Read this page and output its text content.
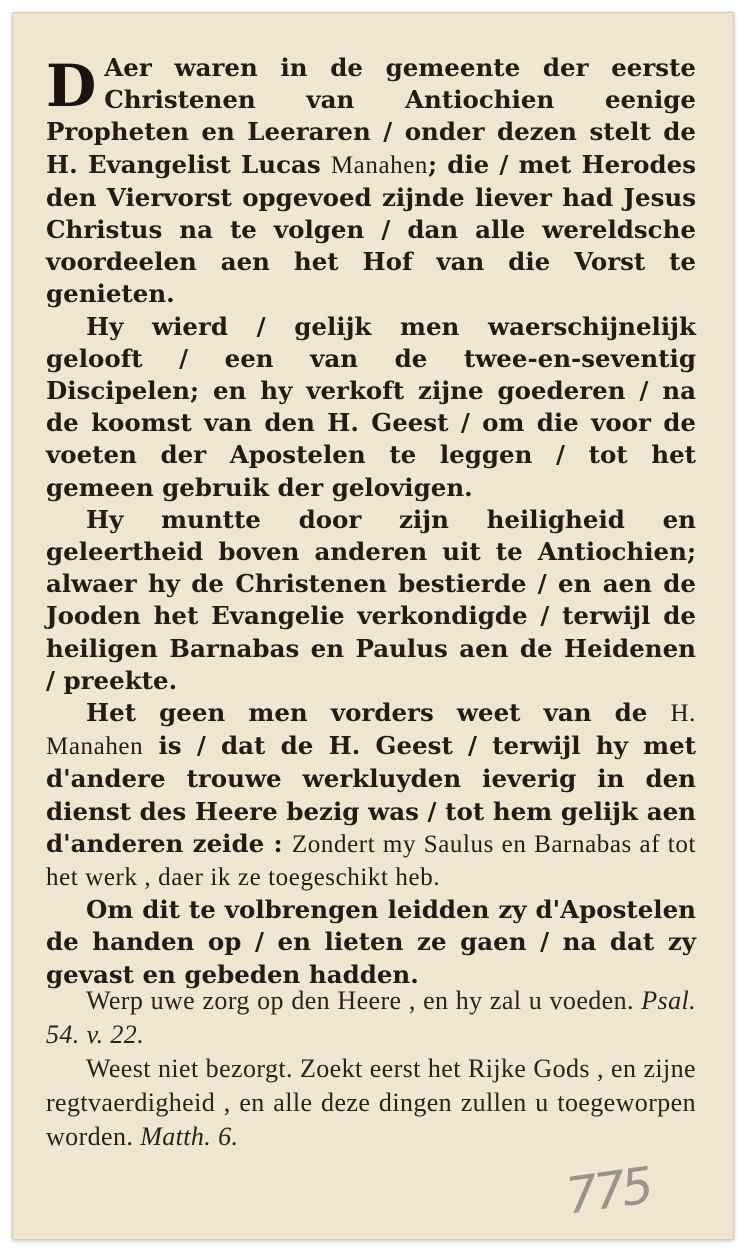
D Aer waren in de gemeente der eerste Christenen van Antiochien eenige Propheten en Leeraren / onder dezen stelt de H. Evangelist Lucas Manahen; die / met Herodes den Viervorst opgevoed zijnde liever had Jesus Christus na te volgen / dan alle wereldsche voordeelen aen het Hof van die Vorst te genieten.

Hy wierd / gelijk men waerschijnelijk gelooft / een van de twee-en-seventig Discipelen; en hy verkoft zijne goederen / na de koomst van den H. Geest / om die voor de voeten der Apostelen te leggen / tot het gemeen gebruik der gelovigen.

Hy muntte door zijn heiligheid en geleertheid boven anderen uit te Antiochien; alwaer hy de Christenen bestierde / en aen de Jooden het Evangelie verkondigde / terwijl de heiligen Barnabas en Paulus aen de Heidenen / preekte.

Het geen men vorders weet van de H. Manahen is / dat de H. Geest / terwijl hy met d'andere trouwe werkluyden ieverig in den dienst des Heere bezig was / tot hem gelijk aen d'anderen zeide : Zondert my Saulus en Barnabas af tot het werk , daer ik ze toegeschikt heb.

Om dit te volbrengen leidden zy d'Apostelen de handen op / en lieten ze gaen / na dat zy gevast en gebeden hadden.

Werp uwe zorg op den Heere , en hy zal u voeden. Psal. 54. v. 22.

Weest niet bezorgt. Zoekt eerst het Rijke Gods , en zijne regtvaerdigheid , en alle deze dingen zullen u toegeworpen worden. Matth. 6.

775
